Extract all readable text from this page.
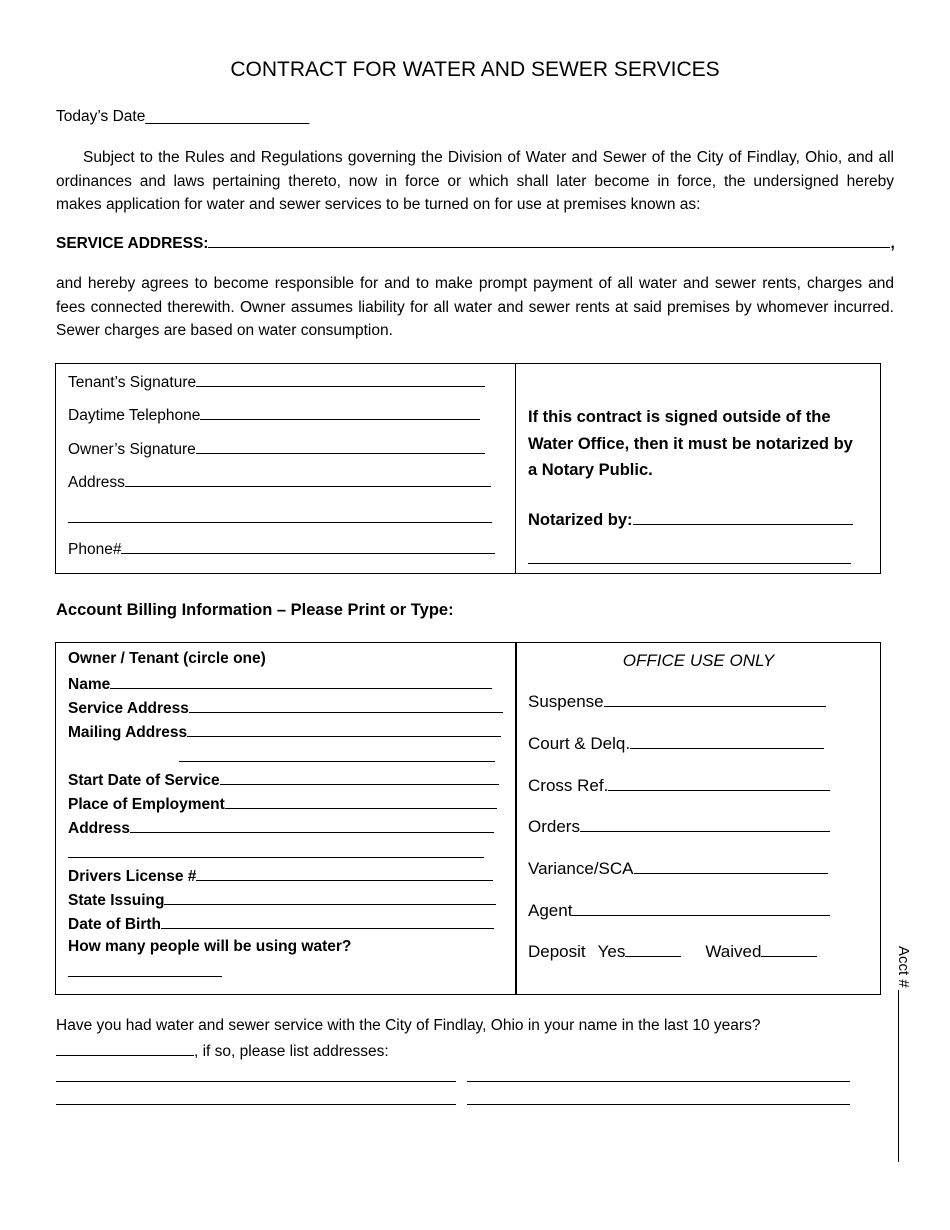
CONTRACT FOR WATER AND SEWER SERVICES
Today’s Date___________________
Subject to the Rules and Regulations governing the Division of Water and Sewer of the City of Findlay, Ohio, and all
ordinances and laws pertaining thereto, now in force or which shall later become in force, the undersigned hereby
makes application for water and sewer services to be turned on for use at premises known as:
SERVICE ADDRESS:	,
and hereby agrees to become responsible for and to make prompt payment of all water and sewer rents, charges and
fees connected therewith. Owner assumes liability for all water and sewer rents at said premises by whomever incurred.
Sewer charges are based on water consumption.
Tenant’s Signature
Daytime Telephone
Owner’s Signature
Address
Phone#
If this contract is signed outside of the
Water Office, then it must be notarized by
a Notary Public.
Notarized by:
Account Billing Information – Please Print or Type:
Owner / Tenant (circle one)
Name
Service Address
Mailing Address
Start Date of Service
Place of Employment
Address
Drivers License #
State Issuing
Date of Birth
How many people will be using water?
OFFICE USE ONLY
Suspense
Court & Delq.
Cross Ref.
Orders
Variance/SCA
Agent
Deposit Yes	Waived
Have you had water and sewer service with the City of Findlay, Ohio in your name in the last 10 years?
, if so, please list addresses:
Acct #
